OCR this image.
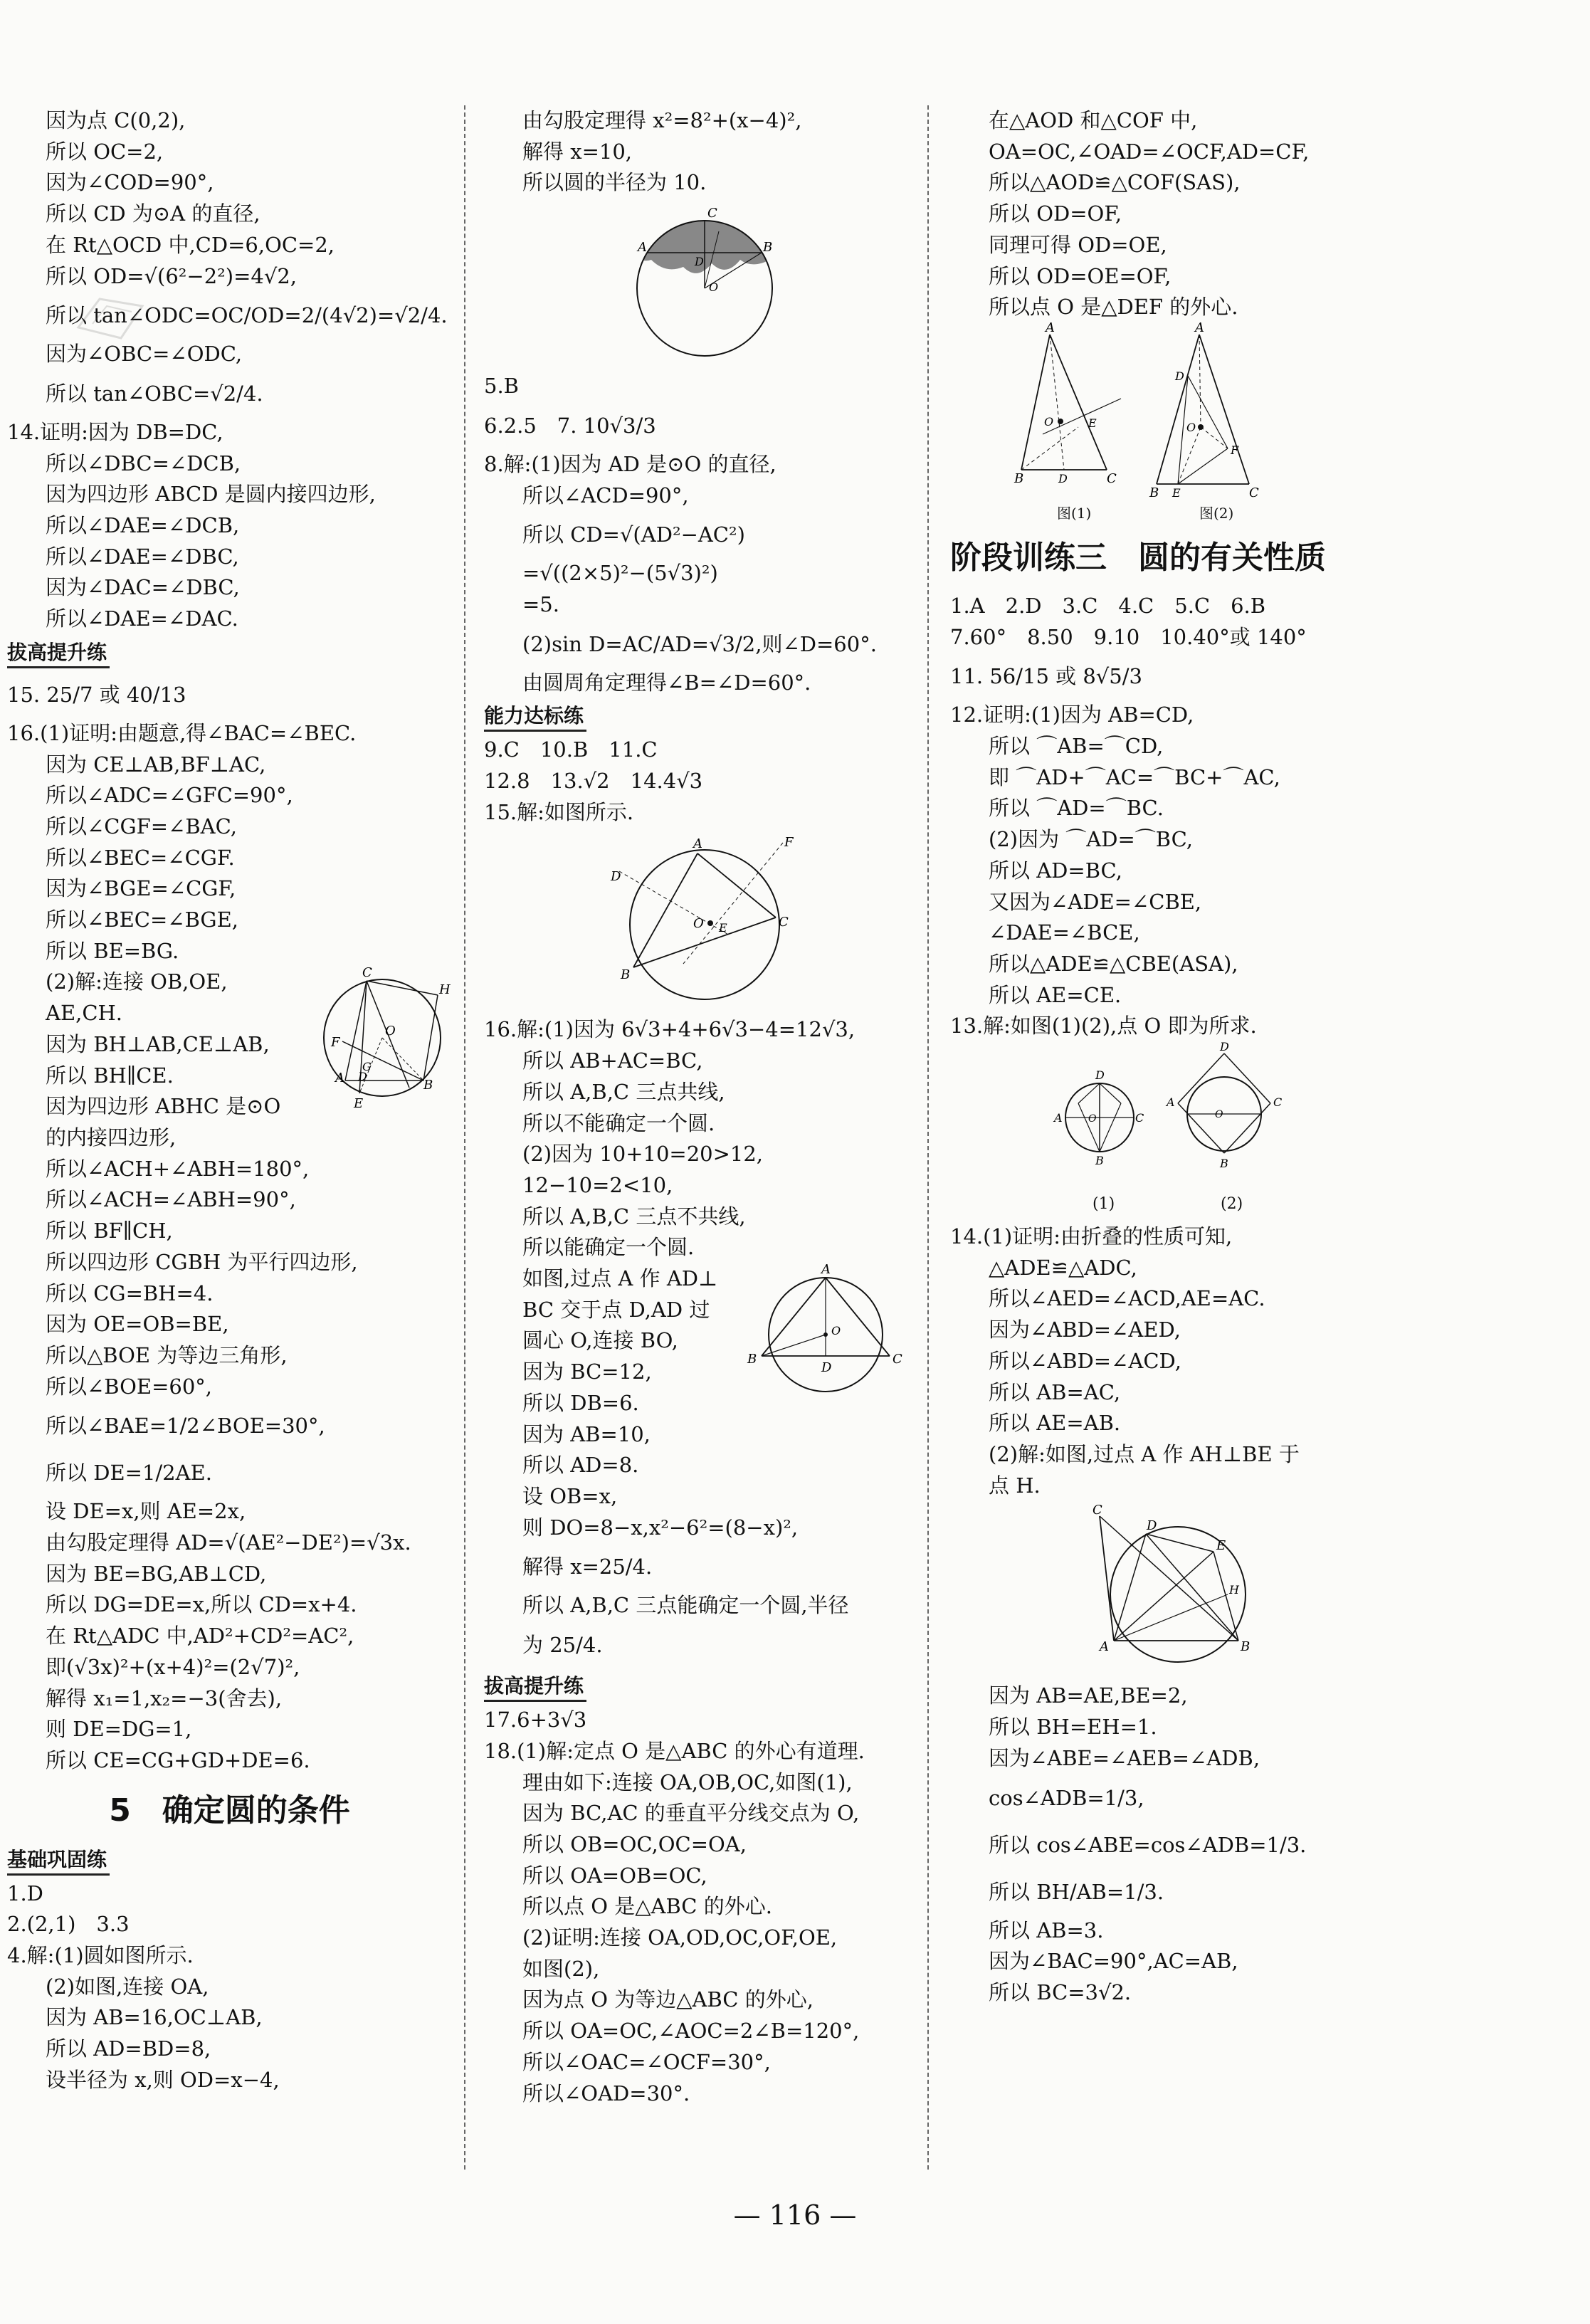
因为点 C(0,2),
所以 OC=2,
因为∠COD=90°,
所以 CD 为⊙A 的直径,
在 Rt△OCD 中,CD=6,OC=2,
所以 OD=√(6²−2²)=4√2,
所以 tan∠ODC=OC/OD=2/(4√2)=√2/4.
因为∠OBC=∠ODC,
所以 tan∠OBC=√2/4.
14.证明:因为 DB=DC,
所以∠DBC=∠DCB,
因为四边形 ABCD 是圆内接四边形,
所以∠DAE=∠DCB,
所以∠DAE=∠DBC,
因为∠DAC=∠DBC,
所以∠DAE=∠DAC.
拔高提升练
15. 25/7 或 40/13
16.(1)证明:由题意,得∠BAC=∠BEC.
因为 CE⊥AB,BF⊥AC,
所以∠ADC=∠GFC=90°,
所以∠CGF=∠BAC,
所以∠BEC=∠CGF.
因为∠BGE=∠CGF,
所以∠BEC=∠BGE,
所以 BE=BG.
C
H
O
F
G
A D
B
E
(2)解:连接 OB,OE,
AE,CH.
因为 BH⊥AB,CE⊥AB,
所以 BH∥CE.
因为四边形 ABHC 是⊙O
的内接四边形,
所以∠ACH+∠ABH=180°,
所以∠ACH=∠ABH=90°,
所以 BF∥CH,
所以四边形 CGBH 为平行四边形,
所以 CG=BH=4.
因为 OE=OB=BE,
所以△BOE 为等边三角形,
所以∠BOE=60°,
所以∠BAE=1/2∠BOE=30°,
所以 DE=1/2AE.
设 DE=x,则 AE=2x,
由勾股定理得 AD=√(AE²−DE²)=√3x.
因为 BE=BG,AB⊥CD,
所以 DG=DE=x,所以 CD=x+4.
在 Rt△ADC 中,AD²+CD²=AC²,
即(√3x)²+(x+4)²=(2√7)²,
解得 x₁=1,x₂=−3(舍去),
则 DE=DG=1,
所以 CE=CG+GD+DE=6.
5　确定圆的条件
基础巩固练
1.D
2.(2,1)　3.3
4.解:(1)圆如图所示.
(2)如图,连接 OA,
因为 AB=16,OC⊥AB,
所以 AD=BD=8,
设半径为 x,则 OD=x−4,
由勾股定理得 x²=8²+(x−4)²,
解得 x=10,
所以圆的半径为 10.
C
A	B
D
O
5.B
6.2.5　7. 10√3/3
8.解:(1)因为 AD 是⊙O 的直径,
所以∠ACD=90°,
所以 CD=√(AD²−AC²)
=√((2×5)²−(5√3)²)
=5.
(2)sin D=AC/AD=√3/2,则∠D=60°.
由圆周角定理得∠B=∠D=60°.
能力达标练
9.C　10.B　11.C
12.8　13.√2　14.4√3
15.解:如图所示.
A
B
C
D
O E
F
16.解:(1)因为 6√3+4+6√3−4=12√3,
所以 AB+AC=BC,
所以 A,B,C 三点共线,
所以不能确定一个圆.
(2)因为 10+10=20>12,
12−10=2<10,
所以 A,B,C 三点不共线,
所以能确定一个圆.
A
B	C
D
O
如图,过点 A 作 AD⊥
BC 交于点 D,AD 过
圆心 O,连接 BO,
因为 BC=12,
所以 DB=6.
因为 AB=10,
所以 AD=8.
设 OB=x,
则 DO=8−x,x²−6²=(8−x)²,
解得 x=25/4.
所以 A,B,C 三点能确定一个圆,半径
为 25/4.
拔高提升练
17.6+3√3
18.(1)解:定点 O 是△ABC 的外心有道理.
理由如下:连接 OA,OB,OC,如图(1),
因为 BC,AC 的垂直平分线交点为 O,
所以 OB=OC,OC=OA,
所以 OA=OB=OC,
所以点 O 是△ABC 的外心.
(2)证明:连接 OA,OD,OC,OF,OE,
如图(2),
因为点 O 为等边△ABC 的外心,
所以 OA=OC,∠AOC=2∠B=120°,
所以∠OAC=∠OCF=30°,
所以∠OAD=30°.
在△AOD 和△COF 中,
OA=OC,∠OAD=∠OCF,AD=CF,
所以△AOD≌△COF(SAS),
所以 OD=OF,
同理可得 OD=OE,
所以 OD=OE=OF,
所以点 O 是△DEF 的外心.
A
B	C
D
O	E
A
D
O
F
B E	C
图(1)	图(2)
阶段训练三　圆的有关性质
1.A　2.D　3.C　4.C　5.C　6.B
7.60°　8.50　9.10　10.40°或 140°
11. 56/15 或 8√5/3
12.证明:(1)因为 AB=CD,
所以 ⌒AB=⌒CD,
即 ⌒AD+⌒AC=⌒BC+⌒AC,
所以 ⌒AD=⌒BC.
(2)因为 ⌒AD=⌒BC,
所以 AD=BC,
又因为∠ADE=∠CBE,
∠DAE=∠BCE,
所以△ADE≌△CBE(ASA),
所以 AE=CE.
13.解:如图(1)(2),点 O 即为所求.
D
A	O	C
B
D
A
O
C
B
(1)	(2)
14.(1)证明:由折叠的性质可知,
△ADE≌△ADC,
所以∠AED=∠ACD,AE=AC.
因为∠ABD=∠AED,
所以∠ABD=∠ACD,
所以 AB=AC,
所以 AE=AB.
(2)解:如图,过点 A 作 AH⊥BE 于
点 H.
C
D
E
H
A	B
因为 AB=AE,BE=2,
所以 BH=EH=1.
因为∠ABE=∠AEB=∠ADB,
cos∠ADB=1/3,
所以 cos∠ABE=cos∠ADB=1/3.
所以 BH/AB=1/3.
所以 AB=3.
因为∠BAC=90°,AC=AB,
所以 BC=3√2.
— 116 —
